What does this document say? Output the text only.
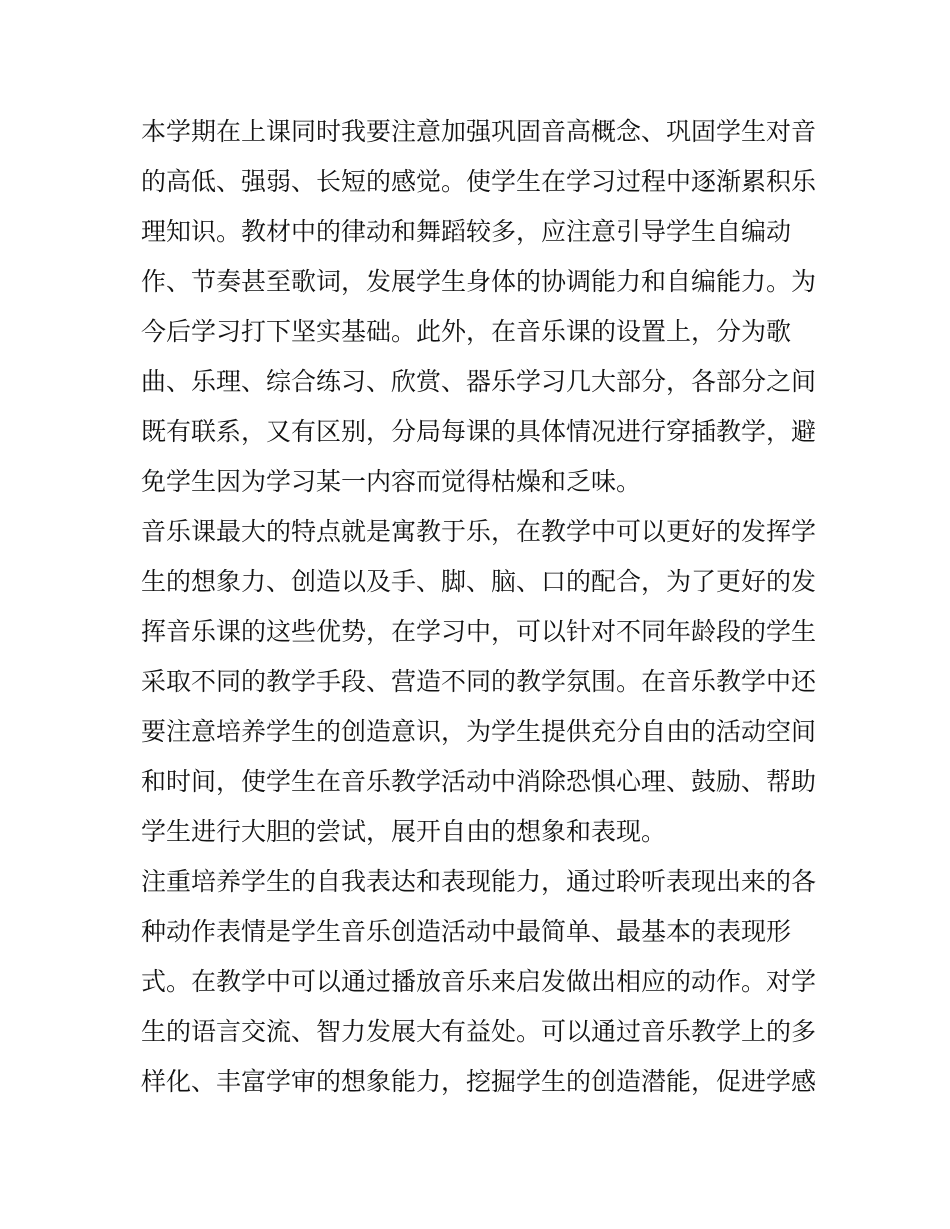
本学期在上课同时我要注意加强巩固音高概念、巩固学生对音
的高低、强弱、长短的感觉。使学生在学习过程中逐渐累积乐
理知识。教材中的律动和舞蹈较多，应注意引导学生自编动
作、节奏甚至歌词，发展学生身体的协调能力和自编能力。为
今后学习打下坚实基础。此外，在音乐课的设置上，分为歌
曲、乐理、综合练习、欣赏、器乐学习几大部分，各部分之间
既有联系，又有区别，分局每课的具体情况进行穿插教学，避
免学生因为学习某一内容而觉得枯燥和乏味。
音乐课最大的特点就是寓教于乐，在教学中可以更好的发挥学
生的想象力、创造以及手、脚、脑、口的配合，为了更好的发
挥音乐课的这些优势，在学习中，可以针对不同年龄段的学生
采取不同的教学手段、营造不同的教学氛围。在音乐教学中还
要注意培养学生的创造意识，为学生提供充分自由的活动空间
和时间，使学生在音乐教学活动中消除恐惧心理、鼓励、帮助
学生进行大胆的尝试，展开自由的想象和表现。
注重培养学生的自我表达和表现能力，通过聆听表现出来的各
种动作表情是学生音乐创造活动中最简单、最基本的表现形
式。在教学中可以通过播放音乐来启发做出相应的动作。对学
生的语言交流、智力发展大有益处。可以通过音乐教学上的多
样化、丰富学审的想象能力，挖掘学生的创造潜能，促进学感
